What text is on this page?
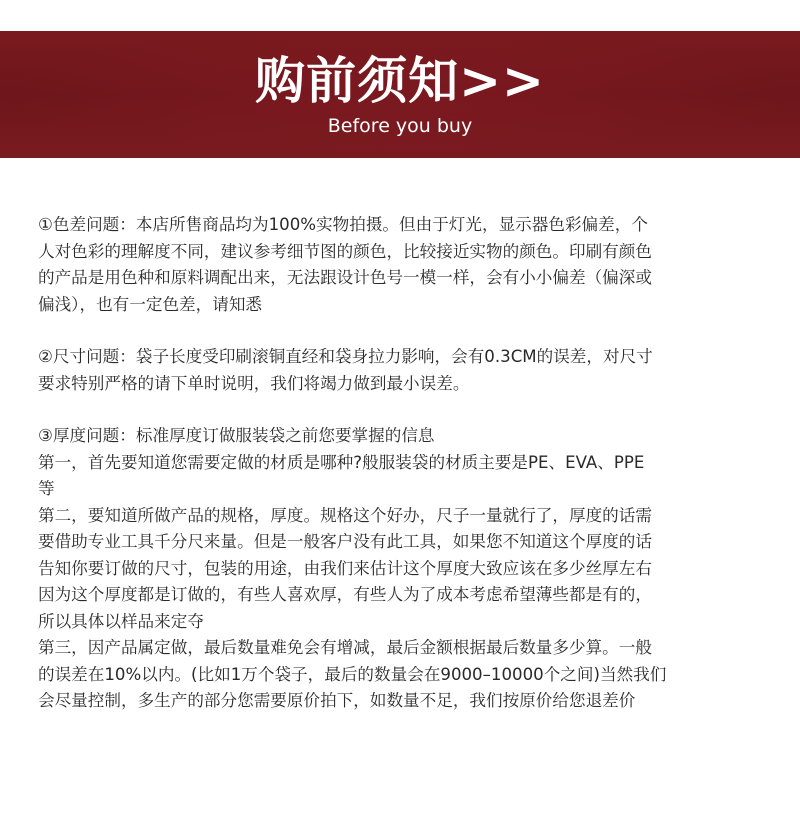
购前须知>>
Before you buy
①色差问题：本店所售商品均为100%实物拍摄。但由于灯光，显示器色彩偏差，个
人对色彩的理解度不同，建议参考细节图的颜色，比较接近实物的颜色。印刷有颜色
的产品是用色种和原料调配出来，无法跟设计色号一模一样，会有小小偏差（偏深或
偏浅），也有一定色差，请知悉
②尺寸问题：袋子长度受印刷滚铜直经和袋身拉力影响，会有0.3CM的误差，对尺寸
要求特别严格的请下单时说明，我们将竭力做到最小误差。
③厚度问题：标准厚度订做服装袋之前您要掌握的信息
第一，首先要知道您需要定做的材质是哪种?般服装袋的材质主要是PE、EVA、PPE
等
第二，要知道所做产品的规格，厚度。规格这个好办，尺子一量就行了，厚度的话需
要借助专业工具千分尺来量。但是一般客户没有此工具，如果您不知道这个厚度的话
告知你要订做的尺寸，包装的用途，由我们来估计这个厚度大致应该在多少丝厚左右
因为这个厚度都是订做的，有些人喜欢厚，有些人为了成本考虑希望薄些都是有的，
所以具体以样品来定夺
第三，因产品属定做，最后数量难免会有增减，最后金额根据最后数量多少算。一般
的误差在10%以内。(比如1万个袋子，最后的数量会在9000–10000个之间)当然我们
会尽量控制，多生产的部分您需要原价拍下，如数量不足，我们按原价给您退差价
